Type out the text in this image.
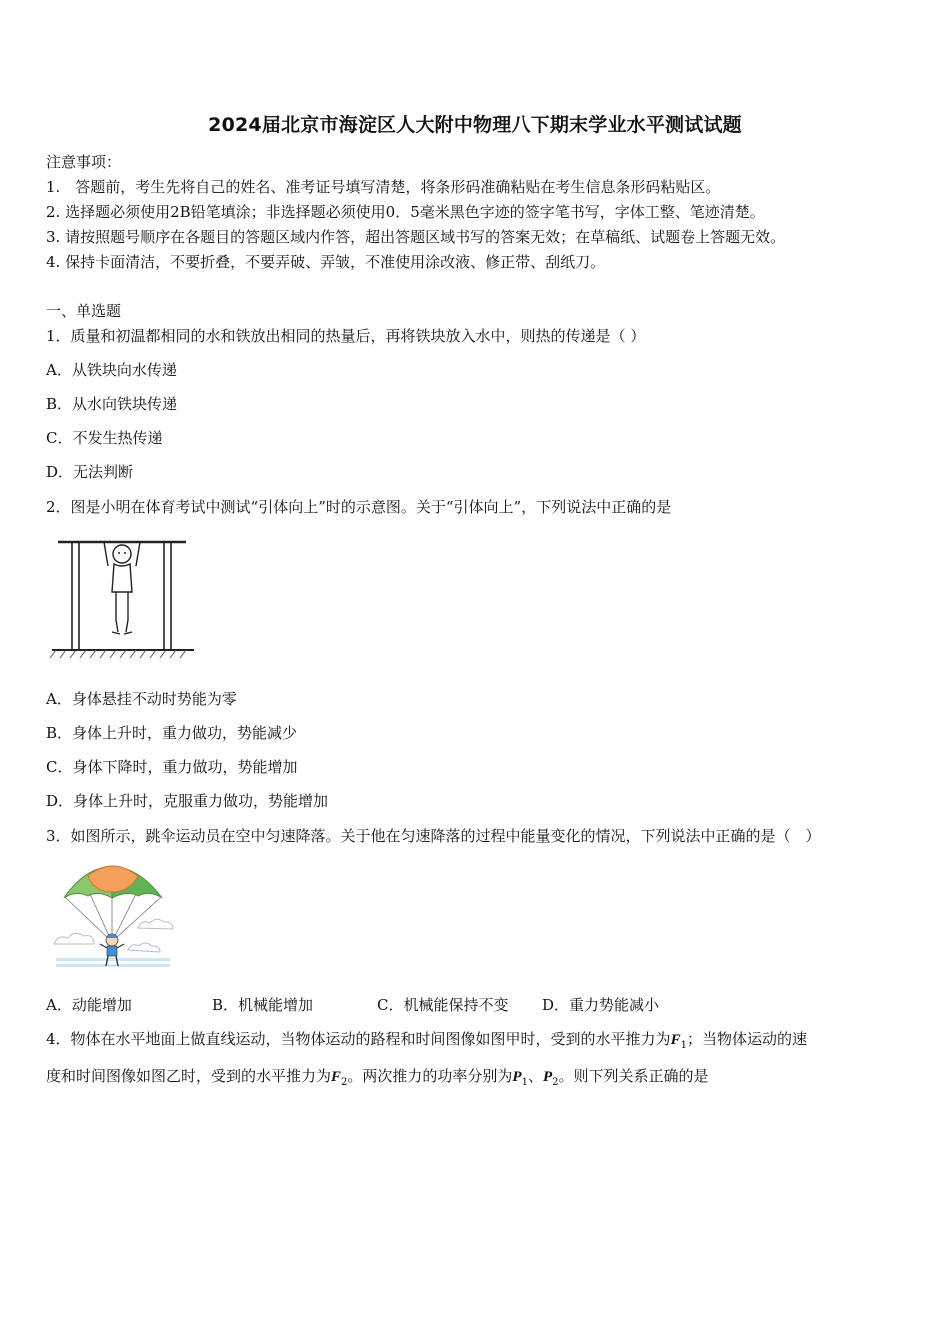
2024届北京市海淀区人大附中物理八下期末学业水平测试试题
注意事项：
1.　答题前，考生先将自己的姓名、准考证号填写清楚，将条形码准确粘贴在考生信息条形码粘贴区。
2. 选择题必须使用2B铅笔填涂；非选择题必须使用0．5毫米黑色字迹的签字笔书写，字体工整、笔迹清楚。
3. 请按照题号顺序在各题目的答题区域内作答，超出答题区域书写的答案无效；在草稿纸、试题卷上答题无效。
4. 保持卡面清洁，不要折叠，不要弄破、弄皱，不准使用涂改液、修正带、刮纸刀。
一、单选题
1．质量和初温都相同的水和铁放出相同的热量后，再将铁块放入水中，则热的传递是（ ）
A．从铁块向水传递
B．从水向铁块传递
C．不发生热传递
D．无法判断
2．图是小明在体育考试中测试“引体向上”时的示意图。关于“引体向上”，下列说法中正确的是
A．身体悬挂不动时势能为零
B．身体上升时，重力做功，势能减少
C．身体下降时，重力做功，势能增加
D．身体上升时，克服重力做功，势能增加
3．如图所示，跳伞运动员在空中匀速降落。关于他在匀速降落的过程中能量变化的情况，下列说法中正确的是（　）
A．动能增加	B．机械能增加	C．机械能保持不变 D．重力势能减小
4．物体在水平地面上做直线运动，当物体运动的路程和时间图像如图甲时，受到的水平推力为$F_1$；当物体运动的速
度和时间图像如图乙时，受到的水平推力为$F_2$。两次推力的功率分别为$P_1$、$P_2$。则下列关系正确的是
